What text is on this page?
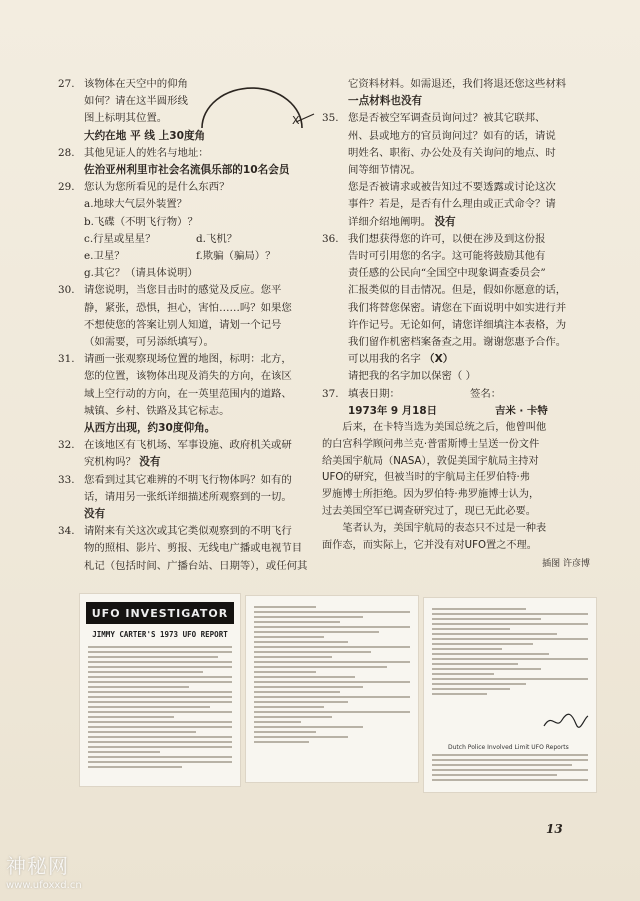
27. 该物体在天空中的仰角
如何？请在这半圆形线
图上标明其位置。
大约在地 平 线 上30度角
28. 其他见证人的姓名与地址：
佐治亚州利里市社会名流俱乐部的10名会员
29. 您认为您所看见的是什么东西？
a.地球大气层外装置？
b.飞碟（不明飞行物）？
c.行星或星星？	d.飞机？
e.卫星？	f.欺骗（骗局）？
g.其它？（请具体说明）
30. 请您说明，当您目击时的感觉及反应。您平
静，紧张，恐惧，担心，害怕……吗？如果您
不想使您的答案让别人知道，请划一个记号
（如需要，可另添纸填写）。
31. 请画一张观察现场位置的地图，标明：北方，
您的位置，该物体出现及消失的方向，在该区
域上空行动的方向，在一英里范围内的道路、
城镇、乡村、铁路及其它标志。
从西方出现，约30度仰角。
32. 在该地区有飞机场、军事设施、政府机关或研
究机构吗？ 没有
33. 您看到过其它难辨的不明飞行物体吗？如有的
话，请用另一张纸详细描述所观察到的一切。
没有
34. 请附来有关这次或其它类似观察到的不明飞行
物的照相、影片、剪报、无线电广播或电视节目
札记（包括时间、广播台站、日期等），或任何其
X
它资料材料。如需退还，我们将退还您这些材料
一点材料也没有
35. 您是否被空军调查员询问过？被其它联邦、
州、县或地方的官员询问过？如有的话，请说
明姓名、职衔、办公处及有关询问的地点、时
间等细节情况。
您是否被请求或被告知过不要透露或讨论这次
事件？若是，是否有什么理由或正式命令？请
详细介绍地阐明。 没有
36. 我们想获得您的许可，以便在涉及到这份报
告时可引用您的名字。这可能将鼓励其他有
责任感的公民向“全国空中现象调查委员会”
汇报类似的目击情况。但是，假如你愿意的话，
我们将替您保密。请您在下面说明中如实进行并
许作记号。无论如何，请您详细填注本表格，为
我们留作机密档案备查之用。谢谢您惠予合作。
可以用我的名字 （X）
请把我的名字加以保密（ ）
37. 填表日期：	签名：
1973年 9 月18日	吉米 · 卡特
后来，在卡特当选为美国总统之后，他曾叫他
的白宫科学顾问弗兰克·普雷斯博士呈送一份文件
给美国宇航局（NASA），敦促美国宇航局主持对
UFO的研究，但被当时的宇航局主任罗伯特·弗
罗施博士所拒绝。因为罗伯特·弗罗施博士认为，
过去美国空军已调查研究过了，现已无此必要。
笔者认为，美国宇航局的表态只不过是一种表
面作态，而实际上，它并没有对UFO置之不理。
插图 许彦博
UFO INVESTIGATOR
JIMMY CARTER'S 1973 UFO REPORT
Dutch Police Involved Limit UFO Reports
13
神秘网
www.ufoxxd.cn
